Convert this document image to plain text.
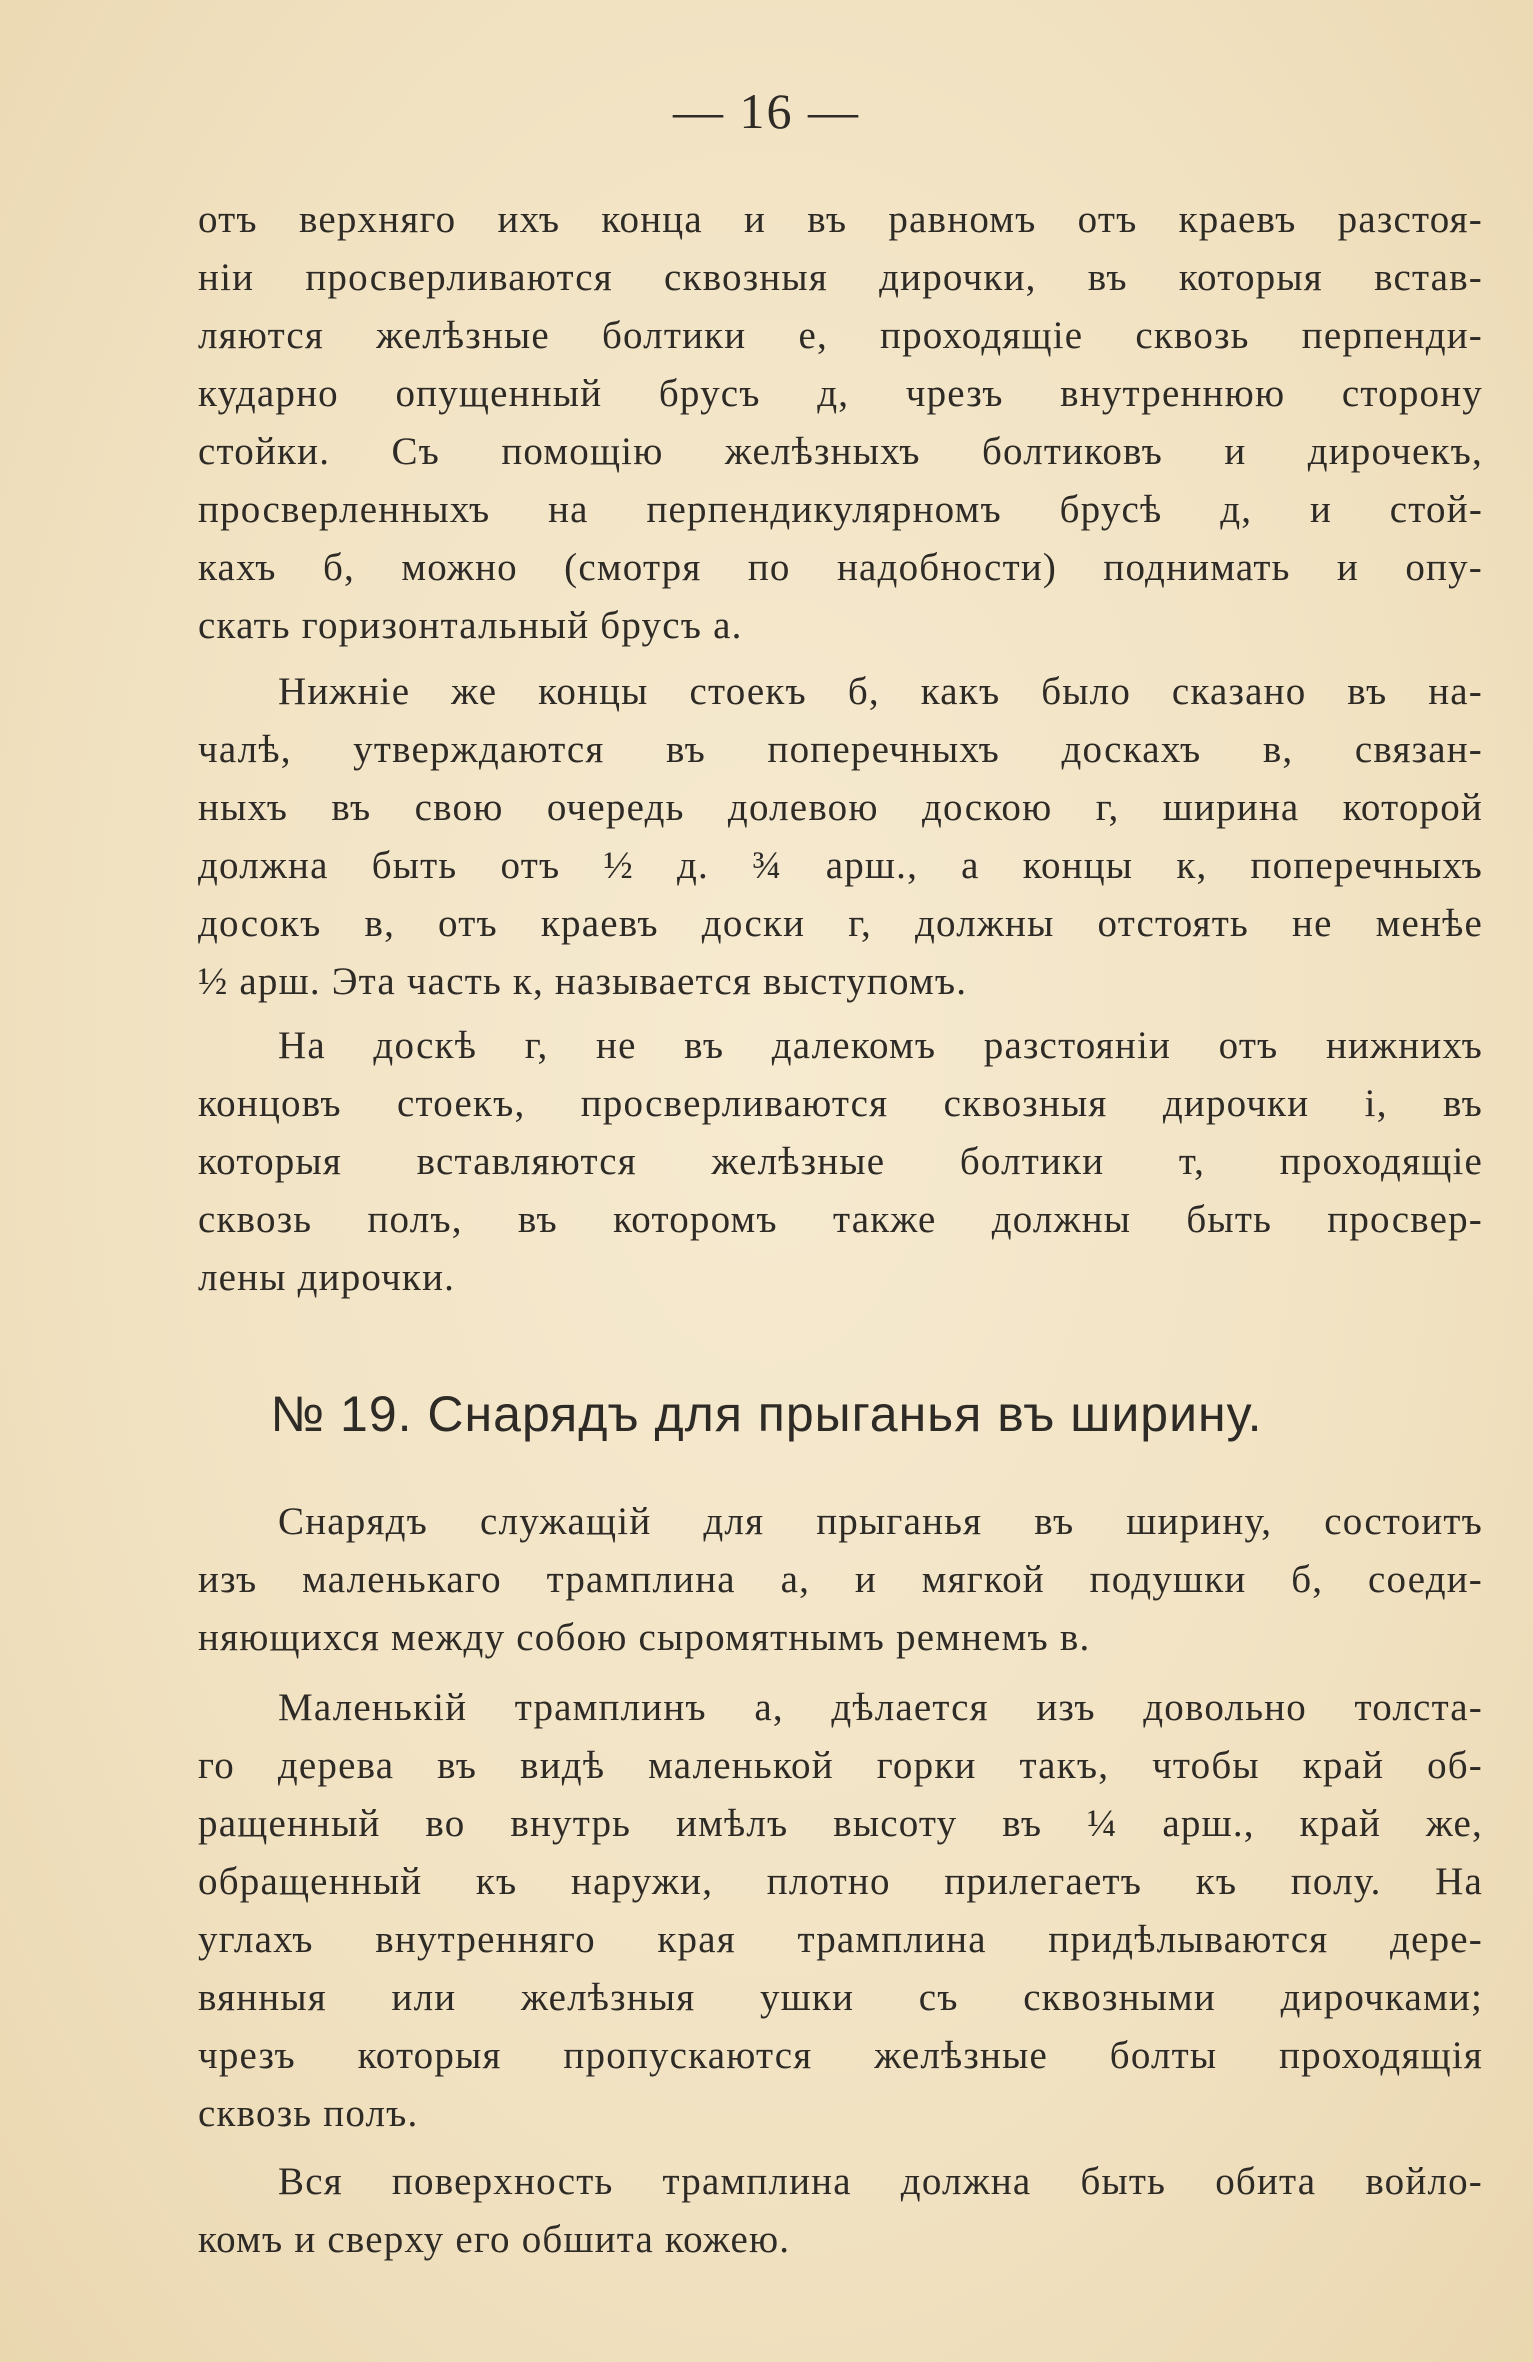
— 16 —
отъ верхняго ихъ конца и въ равномъ отъ краевъ разстоя-
ніи просверливаются сквозныя дирочки, въ которыя встав-
ляются желѣзные болтики е, проходящіе сквозь перпенди-
кударно опущенный брусъ д, чрезъ внутреннюю сторону
стойки. Съ помощію желѣзныхъ болтиковъ и дирочекъ,
просверленныхъ на перпендикулярномъ брусѣ д, и стой-
кахъ б, можно (смотря по надобности) поднимать и опу-
скать горизонтальный брусъ а.
Нижніе же концы стоекъ б, какъ было сказано въ на-
чалѣ, утверждаются въ поперечныхъ доскахъ в, связан-
ныхъ въ свою очередь долевою доскою г, ширина которой
должна быть отъ ½ д. ¾ арш., а концы к, поперечныхъ
досокъ в, отъ краевъ доски г, должны отстоять не менѣе
½ арш. Эта часть к, называется выступомъ.
На доскѣ г, не въ далекомъ разстояніи отъ нижнихъ
концовъ стоекъ, просверливаются сквозныя дирочки і, въ
которыя вставляются желѣзные болтики т, проходящіе
сквозь полъ, въ которомъ также должны быть просвер-
лены дирочки.
№ 19. Снарядъ для прыганья въ ширину.
Снарядъ служащій для прыганья въ ширину, состоитъ
изъ маленькаго трамплина а, и мягкой подушки б, соеди-
няющихся между собою сыромятнымъ ремнемъ в.
Маленькій трамплинъ а, дѣлается изъ довольно толста-
го дерева въ видѣ маленькой горки такъ, чтобы край об-
ращенный во внутрь имѣлъ высоту въ ¼ арш., край же,
обращенный къ наружи, плотно прилегаетъ къ полу. На
углахъ внутренняго края трамплина придѣлываются дере-
вянныя или желѣзныя ушки съ сквозными дирочками;
чрезъ которыя пропускаются желѣзные болты проходящія
сквозь полъ.
Вся поверхность трамплина должна быть обита войло-
комъ и сверху его обшита кожею.
